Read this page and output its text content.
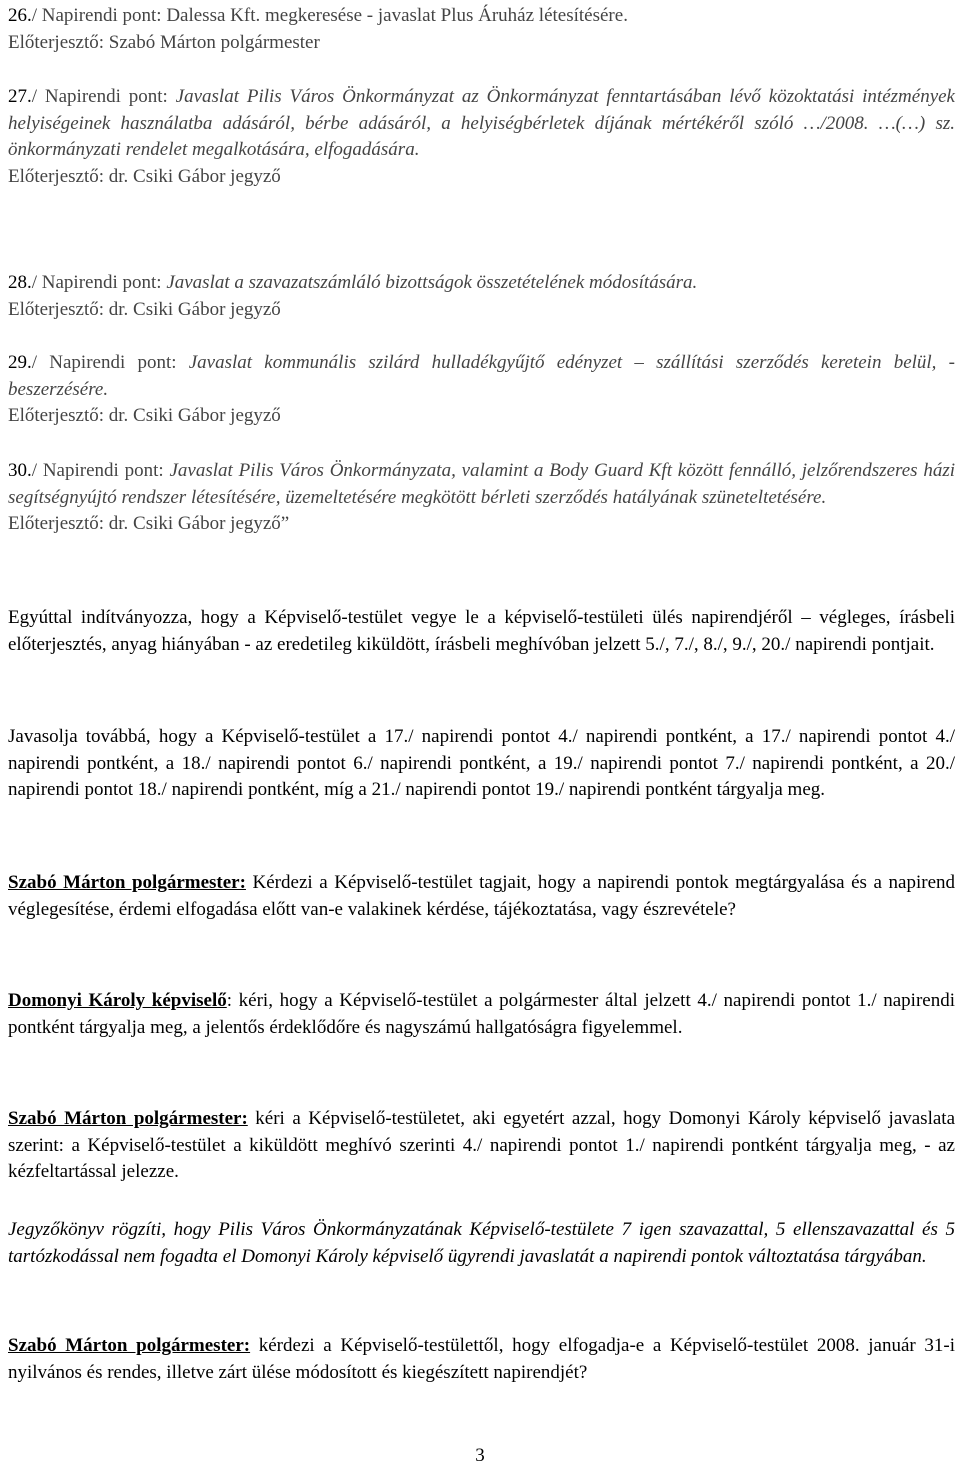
26./ Napirendi pont: Dalessa Kft. megkeresése - javaslat Plus Áruház létesítésére.
Előterjesztő: Szabó Márton polgármester
27./ Napirendi pont: Javaslat Pilis Város Önkormányzat az Önkormányzat fenntartásában lévő közoktatási intézmények helyiségeinek használatba adásáról, bérbe adásáról, a helyiségbérletek díjának mértékéről szóló …/2008. …(…) sz. önkormányzati rendelet megalkotására, elfogadására.
Előterjesztő: dr. Csiki Gábor jegyző
28./ Napirendi pont: Javaslat a szavazatszámláló bizottságok összetételének módosítására.
Előterjesztő: dr. Csiki Gábor jegyző
29./ Napirendi pont: Javaslat kommunális szilárd hulladékgyűjtő edényzet – szállítási szerződés keretein belül, - beszerzésére.
Előterjesztő: dr. Csiki Gábor jegyző
30./ Napirendi pont: Javaslat Pilis Város Önkormányzata, valamint a Body Guard Kft között fennálló, jelzőrendszeres házi segítségnyújtó rendszer létesítésére, üzemeltetésére megkötött bérleti szerződés hatályának szüneteltetésére.
Előterjesztő: dr. Csiki Gábor jegyző”

Egyúttal indítványozza, hogy a Képviselő-testület vegye le a képviselő-testületi ülés napirendjéről – végleges, írásbeli előterjesztés, anyag hiányában - az eredetileg kiküldött, írásbeli meghívóban jelzett 5./, 7./, 8./, 9./, 20./ napirendi pontjait.

Javasolja továbbá, hogy a Képviselő-testület a 17./ napirendi pontot 4./ napirendi pontként, a 17./ napirendi pontot 4./ napirendi pontként, a 18./ napirendi pontot 6./ napirendi pontként, a 19./ napirendi pontot 7./ napirendi pontként, a 20./ napirendi pontot 18./ napirendi pontként, míg a 21./ napirendi pontot 19./ napirendi pontként tárgyalja meg.

Szabó Márton polgármester: Kérdezi a Képviselő-testület tagjait, hogy a napirendi pontok megtárgyalása és a napirend véglegesítése, érdemi elfogadása előtt van-e valakinek kérdése, tájékoztatása, vagy észrevétele?

Domonyi Károly képviselő: kéri, hogy a Képviselő-testület a polgármester által jelzett 4./ napirendi pontot 1./ napirendi pontként tárgyalja meg, a jelentős érdeklődőre és nagyszámú hallgatóságra figyelemmel.

Szabó Márton polgármester: kéri a Képviselő-testületet, aki egyetért azzal, hogy Domonyi Károly képviselő javaslata szerint: a Képviselő-testület a kiküldött meghívó szerinti 4./ napirendi pontot 1./ napirendi pontként tárgyalja meg, - az kézfeltartással jelezze.

Jegyzőkönyv rögzíti, hogy Pilis Város Önkormányzatának Képviselő-testülete 7 igen szavazattal, 5 ellenszavazattal és 5 tartózkodással nem fogadta el Domonyi Károly képviselő ügyrendi javaslatát a napirendi pontok változtatása tárgyában.

Szabó Márton polgármester: kérdezi a Képviselő-testülettől, hogy elfogadja-e a Képviselő-testület 2008. január 31-i nyilvános és rendes, illetve zárt ülése módosított és kiegészített napirendjét?

3
